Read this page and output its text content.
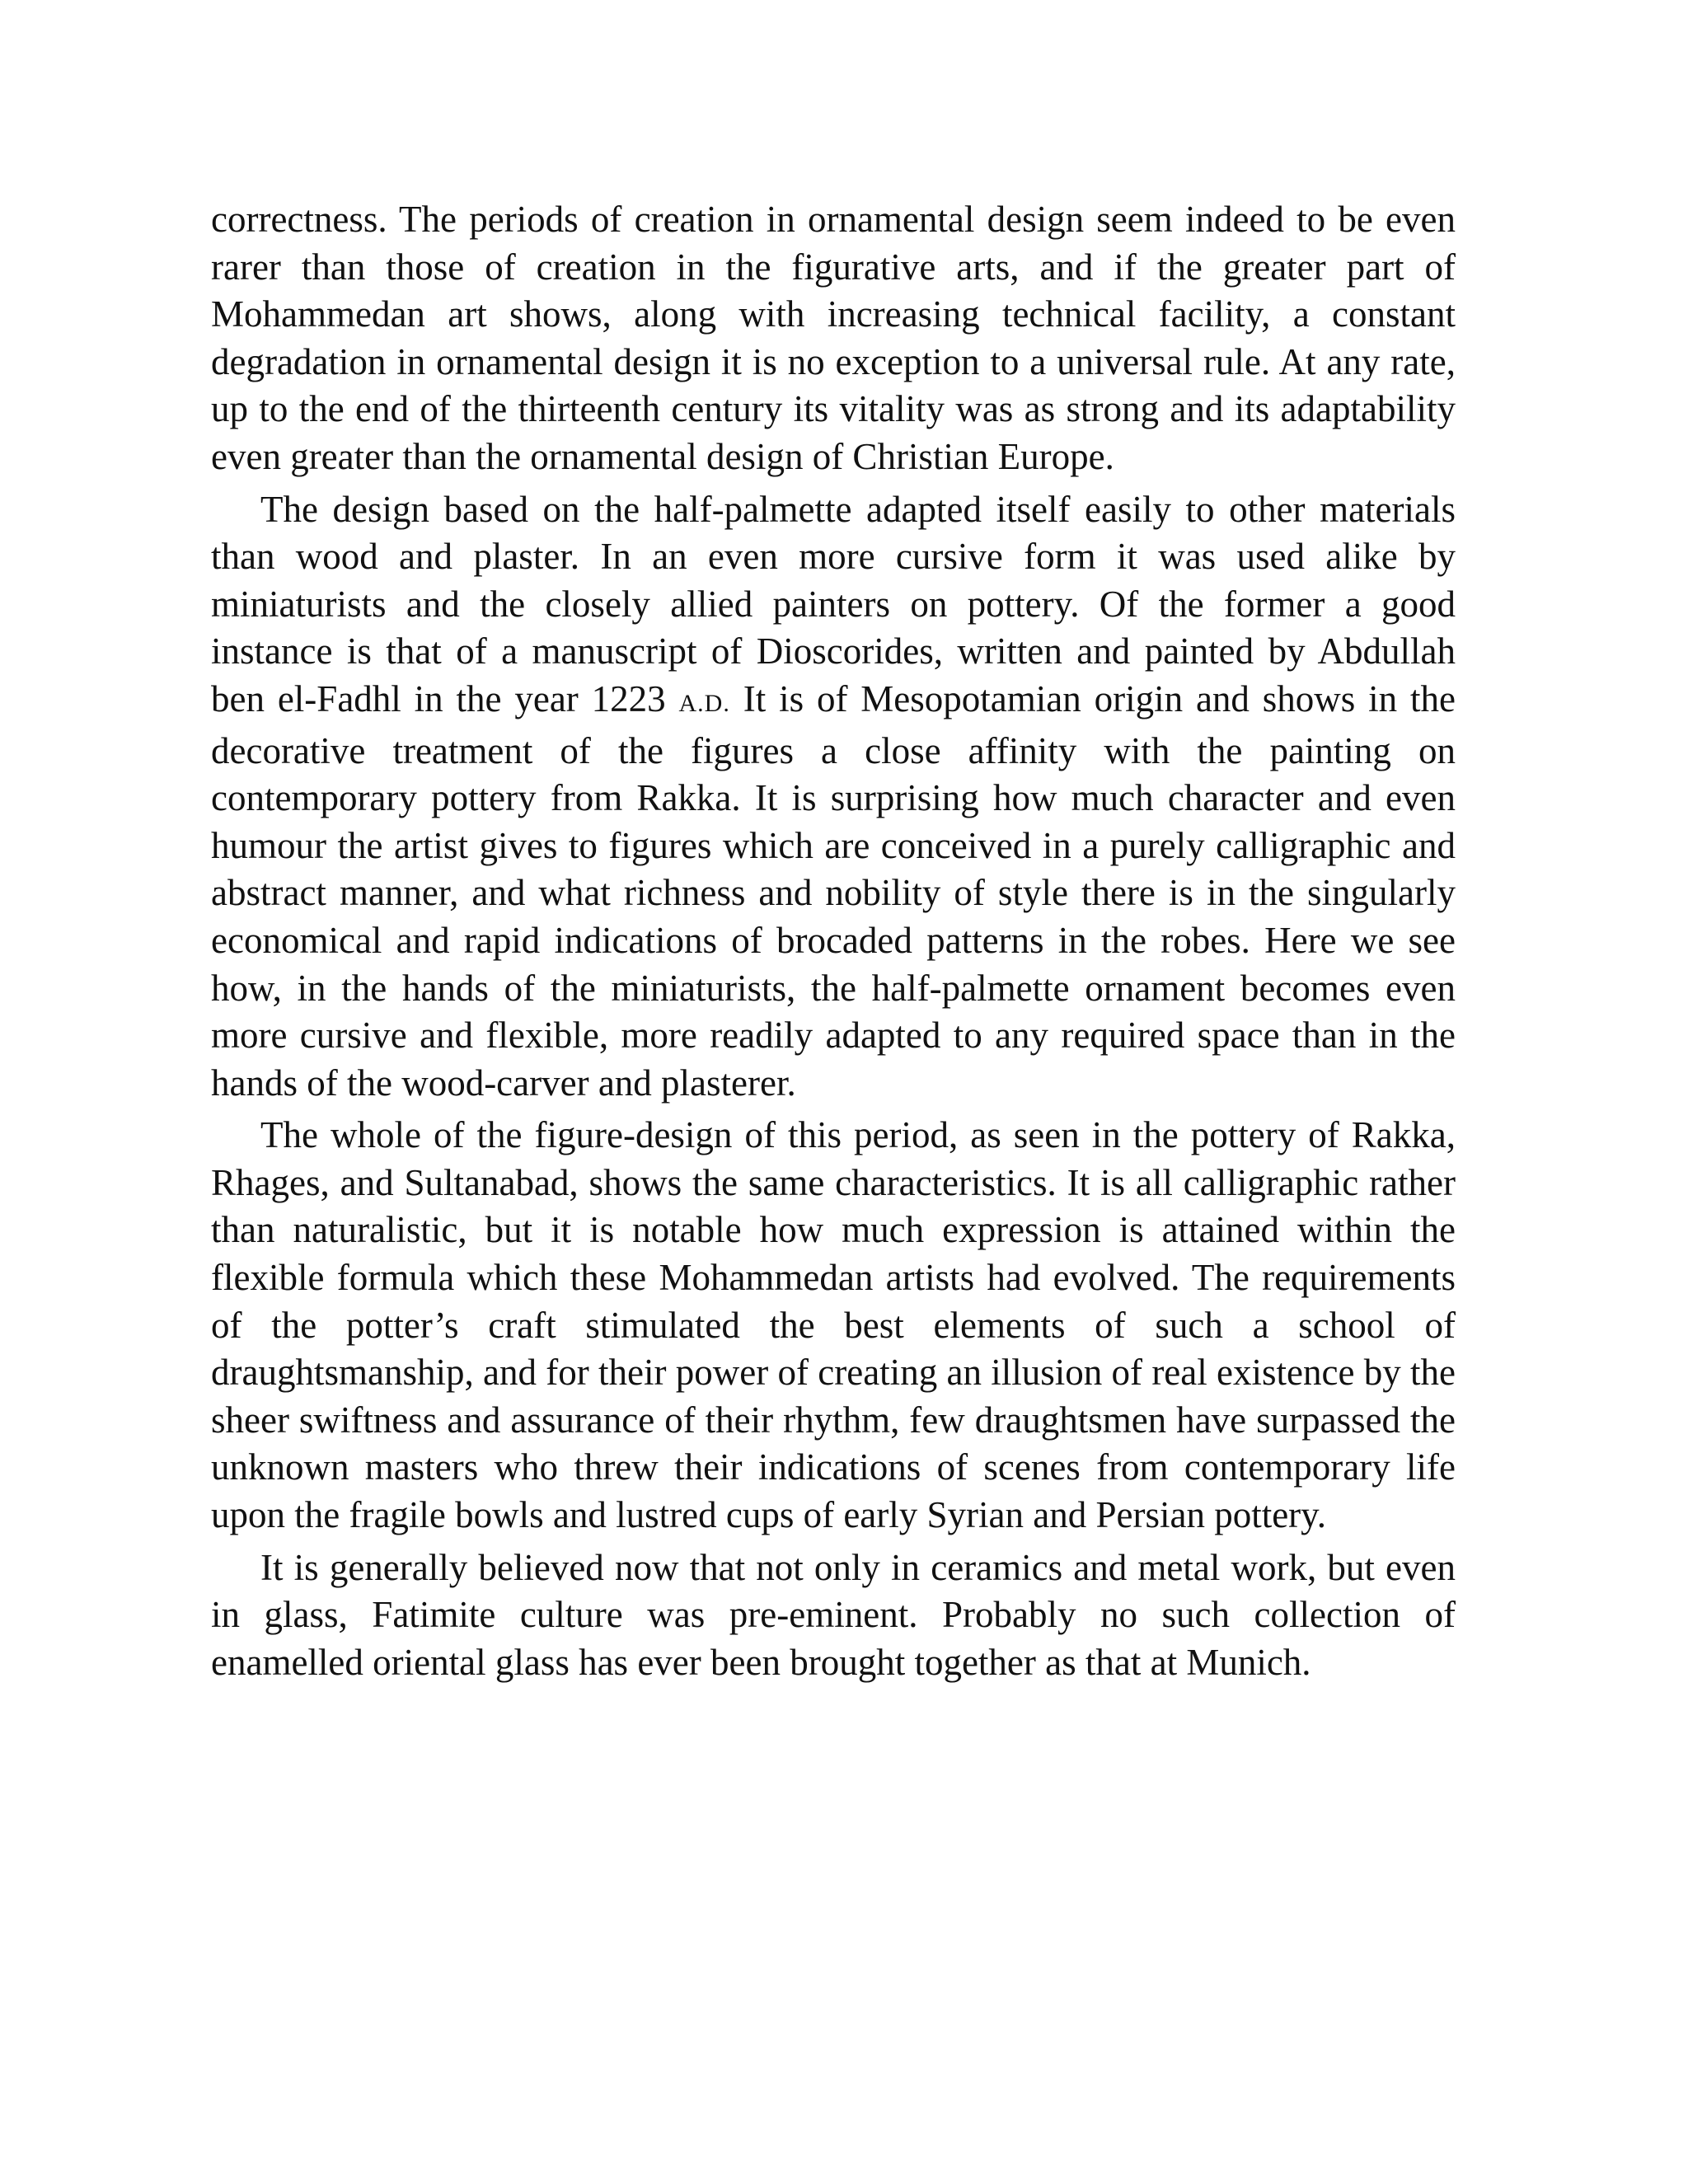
correctness. The periods of creation in ornamental design seem indeed to be even rarer than those of creation in the figurative arts, and if the greater part of Mohammedan art shows, along with increasing technical facility, a constant degradation in ornamental design it is no exception to a universal rule. At any rate, up to the end of the thirteenth century its vitality was as strong and its adaptability even greater than the ornamental design of Christian Europe.

The design based on the half-palmette adapted itself easily to other materials than wood and plaster. In an even more cursive form it was used alike by miniaturists and the closely allied painters on pottery. Of the former a good instance is that of a manuscript of Dioscorides, written and painted by Abdullah ben el-Fadhl in the year 1223 A.D. It is of Mesopotamian origin and shows in the decorative treatment of the figures a close affinity with the painting on contemporary pottery from Rakka. It is surprising how much character and even humour the artist gives to figures which are conceived in a purely calligraphic and abstract manner, and what richness and nobility of style there is in the singularly economical and rapid indications of brocaded patterns in the robes. Here we see how, in the hands of the miniaturists, the half-palmette ornament becomes even more cursive and flexible, more readily adapted to any required space than in the hands of the wood-carver and plasterer.

The whole of the figure-design of this period, as seen in the pottery of Rakka, Rhages, and Sultanabad, shows the same characteristics. It is all calligraphic rather than naturalistic, but it is notable how much expression is attained within the flexible formula which these Mohammedan artists had evolved. The requirements of the potter’s craft stimulated the best elements of such a school of draughtsmanship, and for their power of creating an illusion of real existence by the sheer swiftness and assurance of their rhythm, few draughtsmen have surpassed the unknown masters who threw their indications of scenes from contemporary life upon the fragile bowls and lustred cups of early Syrian and Persian pottery.

It is generally believed now that not only in ceramics and metal work, but even in glass, Fatimite culture was pre-eminent. Probably no such collection of enamelled oriental glass has ever been brought together as that at Munich.
